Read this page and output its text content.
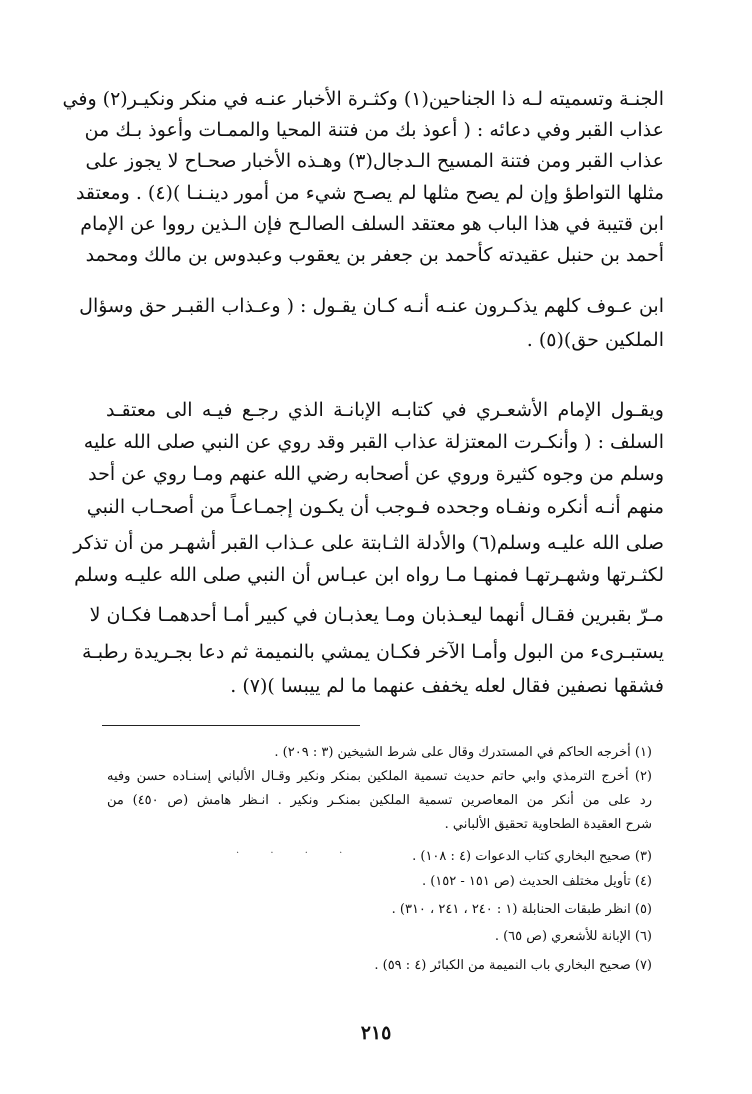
الجنـة وتسميته لـه ذا الجناحين(١) وكثـرة الأخبار عنـه في منكر ونكيـر(٢) وفي
عذاب القبر وفي دعائه : ( أعوذ بك من فتنة المحيا والممـات وأعوذ بـك من
عذاب القبر ومن فتنة المسيح الـدجال(٣) وهـذه الأخبار صحـاح لا يجوز على
مثلها التواطؤ وإن لم يصح مثلها لم يصـح شيء من أمور دينـنـا )(٤) . ومعتقد
ابن قتيبة في هذا الباب هو معتقد السلف الصالـح فإن الـذين رووا عن الإمام
أحمد بن حنبل عقيدته كأحمد بن جعفر بن يعقوب وعبدوس بن مالك ومحمد
ابن عـوف كلهم يذكـرون عنـه أنـه كـان يقـول : ( وعـذاب القبـر حق وسؤال
الملكين حق)(٥) .
ويقـول الإمام الأشعـري في كتابـه الإبانـة الذي رجـع فيـه الى معتقـد
السلف : ( وأنكـرت المعتزلة عذاب القبر وقد روي عن النبي صلى الله عليه
وسلم من وجوه كثيرة وروي عن أصحابه رضي الله عنهم ومـا روي عن أحد
منهم أنـه أنكره ونفـاه وجحده فـوجب أن يكـون إجمـاعـاً من أصحـاب النبي
صلى الله عليـه وسلم(٦) والأدلة الثـابتة على عـذاب القبر أشهـر من أن تذكر
لكثـرتها وشهـرتهـا فمنهـا مـا رواه ابن عبـاس أن النبي صلى الله عليـه وسلم
مـرّ بقبرين فقـال أنهما ليعـذبان ومـا يعذبـان في كبير أمـا أحدهمـا فكـان لا
يستبـرىء من البول وأمـا الآخر فكـان يمشي بالنميمة ثم دعا بجـريدة رطبـة
فشقها نصفين فقال لعله يخفف عنهما ما لم ييبسا )(٧) .
(١) أخرجه الحاكم في المستدرك وقال على شرط الشيخين (٣ : ٢٠٩) .
(٢) أخرج الترمذي وابي حاتم حديث تسمية الملكين بمنكر ونكير وقـال الألباني إسنـاده حسن وفيه
رد على من أنكر من المعاصرين تسمية الملكين بمنكـر ونكير . انـظر هامش (ص ٤٥٠) من
شرح العقيدة الطحاوية تحقيق الألباني .
(٣) صحيح البخاري كتاب الدعوات (٤ : ١٠٨) .
(٤) تأويل مختلف الحديث (ص ١٥١ - ١٥٢) .
(٥) انظر طبقات الحنابلة (١ : ٢٤٠ ، ٢٤١ ، ٣١٠) .
(٦) الإبانة للأشعري (ص ٦٥) .
(٧) صحيح البخاري باب النميمة من الكبائر (٤ : ٥٩) .
· · · ·
٢١٥
